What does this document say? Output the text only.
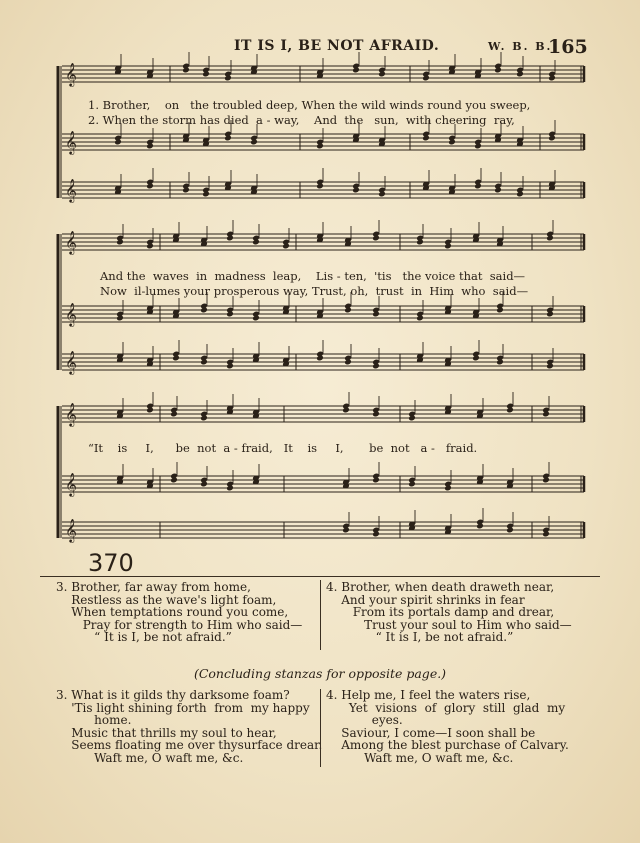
IT IS I, BE NOT AFRAID.	W. B. B.
165
𝄞
𝄞
𝄞
𝄞
𝄞
𝄞
𝄞
𝄞
𝄞
1. Brother,    on   the troubled deep, When the wild winds round you sweep,
2. When the storm has died  a - way,    And  the   sun,  with cheering  ray,
And the  waves  in  madness  leap,    Lis - ten,  'tis   the voice that  said—
Now  il-lumes your prosperous way, Trust, oh,  trust  in  Him  who  said—
“It    is     I,      be  not  a - fraid,   It    is     I,       be  not   a -   fraid.
370
3. Brother, far away from home,
Restless as the wave's light foam,
When temptations round you come,
Pray for strength to Him who said—
“ It is I, be not afraid.”
4. Brother, when death draweth near,
And your spirit shrinks in fear
From its portals damp and drear,
Trust your soul to Him who said—
“ It is I, be not afraid.”
(Concluding stanzas for opposite page.)
3. What is it gilds thy darksome foam?
'Tis light shining forth  from  my happy
home.
Music that thrills my soul to hear,
Seems floating me over thysurface drear.
Waft me, O waft me, &c.
4. Help me, I feel the waters rise,
Yet  visions  of  glory  still  glad  my
eyes.
Saviour, I come—I soon shall be
Among the blest purchase of Calvary.
Waft me, O waft me, &c.
